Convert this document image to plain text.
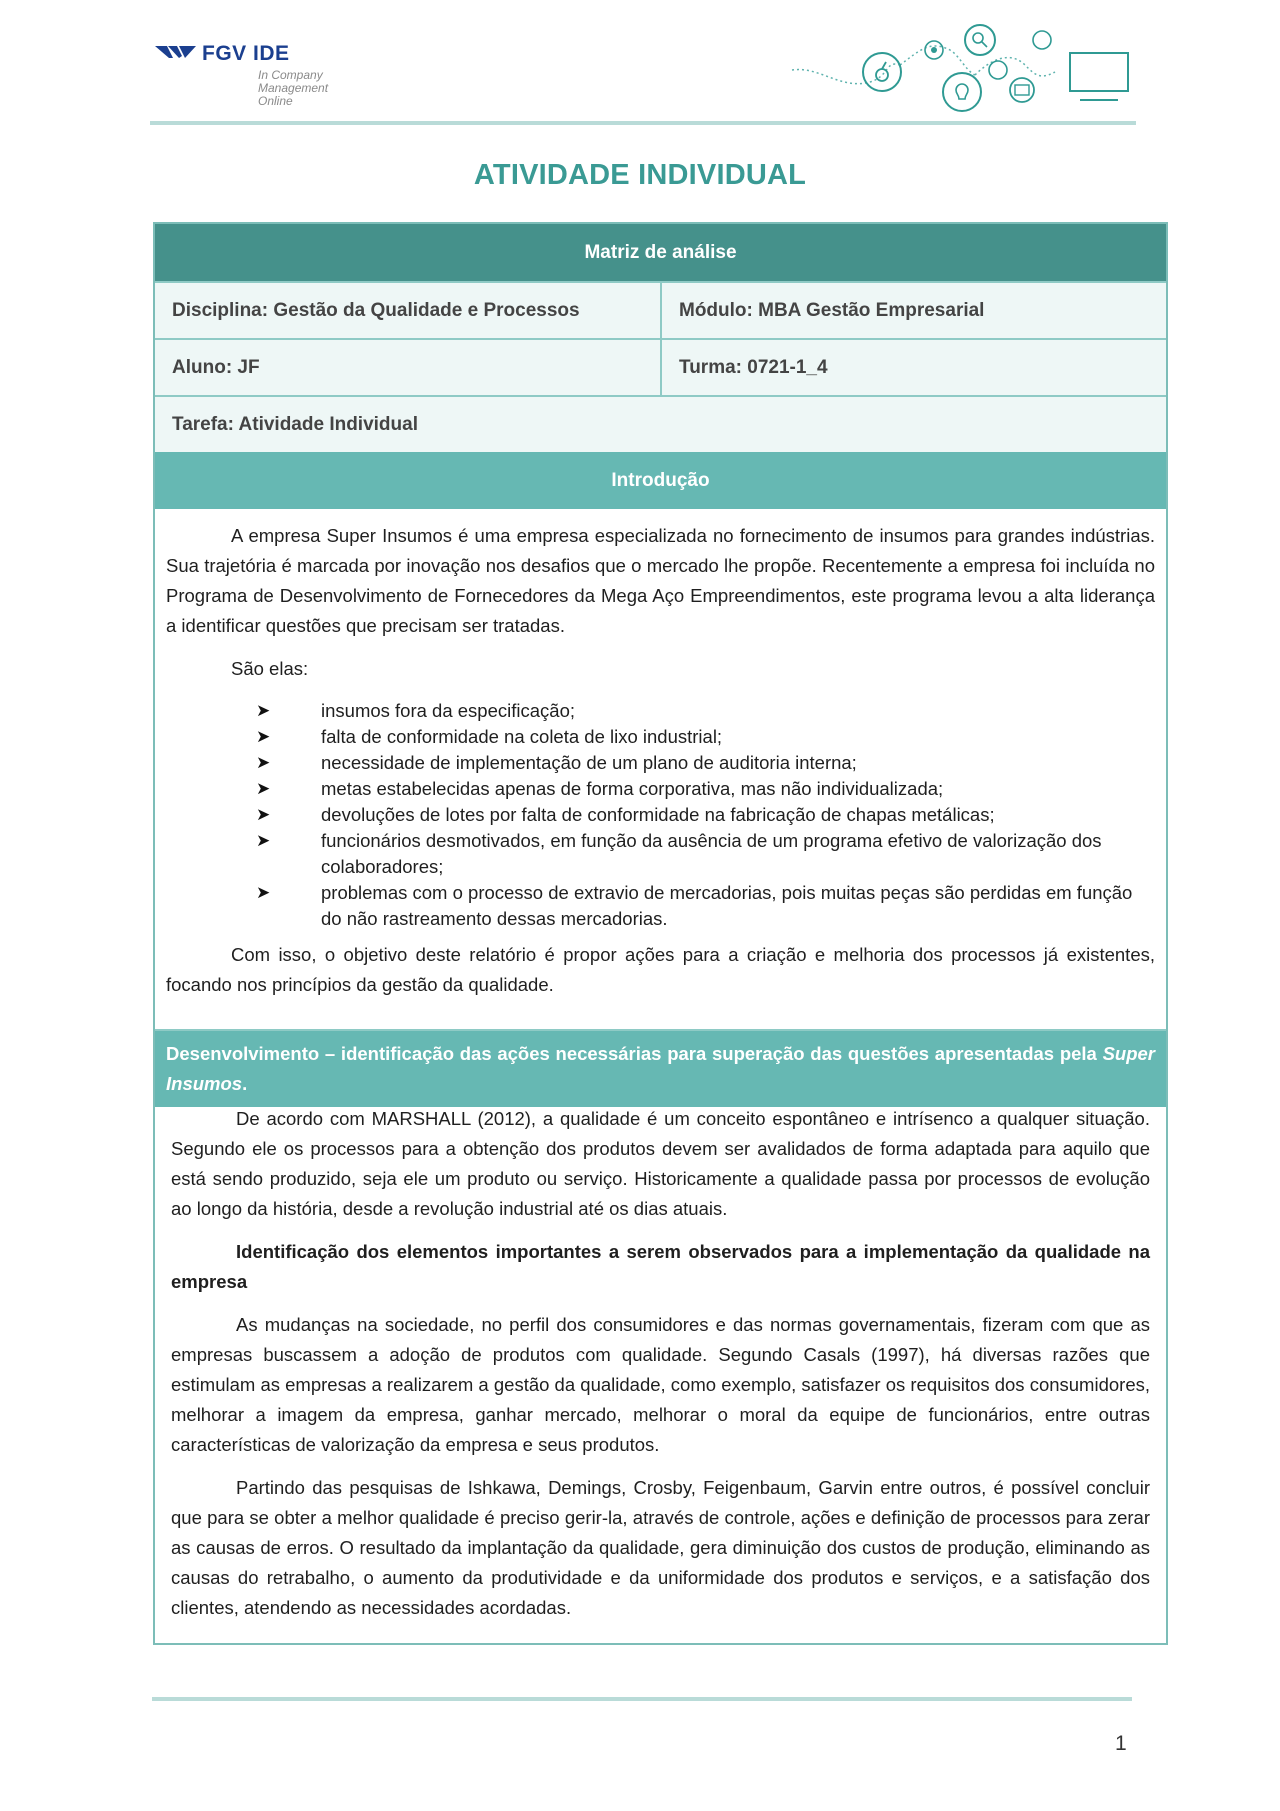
FGV IDE
In Company
Management
Online
ATIVIDADE INDIVIDUAL
Matriz de análise
Disciplina: Gestão da Qualidade e Processos	Módulo: MBA Gestão Empresarial
Aluno: JF	Turma: 0721-1_4
Tarefa: Atividade Individual
Introdução

A empresa Super Insumos é uma empresa especializada no fornecimento de insumos para grandes indústrias. Sua trajetória é marcada por inovação nos desafios que o mercado lhe propõe. Recentemente a empresa foi incluída no Programa de Desenvolvimento de Fornecedores da Mega Aço Empreendimentos, este programa levou a alta liderança a identificar questões que precisam ser tratadas.

São elas:

➤	insumos fora da especificação;

➤	falta de conformidade na coleta de lixo industrial;

➤	necessidade de implementação de um plano de auditoria interna;

➤	metas estabelecidas apenas de forma corporativa, mas não individualizada;

➤	devoluções de lotes por falta de conformidade na fabricação de chapas metálicas;

➤	funcionários desmotivados, em função da ausência de um programa efetivo de valorização dos colaboradores;

➤	problemas com o processo de extravio de mercadorias, pois muitas peças são perdidas em função do não rastreamento dessas mercadorias.

Com isso, o objetivo deste relatório é propor ações para a criação e melhoria dos processos já existentes, focando nos princípios da gestão da qualidade.

Desenvolvimento – identificação das ações necessárias para superação das questões apresentadas pela Super Insumos.

De acordo com MARSHALL (2012), a qualidade é um conceito espontâneo e intrísenco a qualquer situação. Segundo ele os processos para a obtenção dos produtos devem ser avalidados de forma adaptada para aquilo que está sendo produzido, seja ele um produto ou serviço. Historicamente a qualidade passa por processos de evolução ao longo da história, desde a revolução industrial até os dias atuais.

Identificação dos elementos importantes a serem observados para a implementação da qualidade na empresa

As mudanças na sociedade, no perfil dos consumidores e das normas governamentais, fizeram com que as empresas buscassem a adoção de produtos com qualidade. Segundo Casals (1997), há diversas razões que estimulam as empresas a realizarem a gestão da qualidade, como exemplo, satisfazer os requisitos dos consumidores, melhorar a imagem da empresa, ganhar mercado, melhorar o moral da equipe de funcionários, entre outras características de valorização da empresa e seus produtos.

Partindo das pesquisas de Ishkawa, Demings, Crosby, Feigenbaum, Garvin entre outros, é possível concluir que para se obter a melhor qualidade é preciso gerir-la, através de controle, ações e definição de processos para zerar as causas de erros. O resultado da implantação da qualidade, gera diminuição dos custos de produção, eliminando as causas do retrabalho, o aumento da produtividade e da uniformidade dos produtos e serviços, e a satisfação dos clientes, atendendo as necessidades acordadas.

1
